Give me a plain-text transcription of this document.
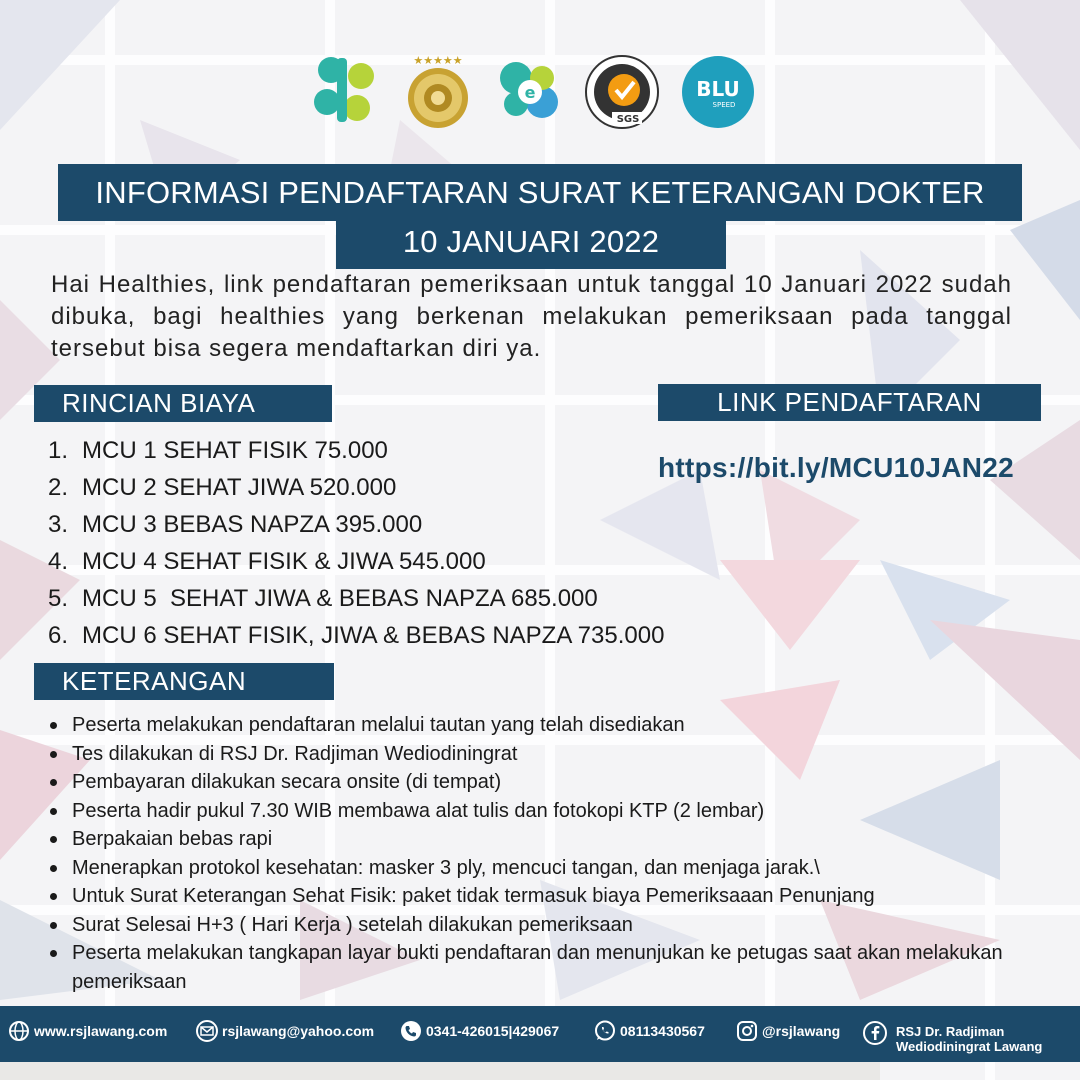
★★★★★
e
SGS
BLU
SPEED
INFORMASI PENDAFTARAN SURAT KETERANGAN DOKTER
10 JANUARI 2022
Hai Healthies, link pendaftaran pemeriksaan untuk tanggal 10 Januari 2022 sudah dibuka, bagi healthies yang berkenan melakukan pemeriksaan pada tanggal tersebut bisa segera mendaftarkan diri ya.
RINCIAN BIAYA
1. MCU 1 SEHAT FISIK 75.000
2. MCU 2 SEHAT JIWA 520.000
3. MCU 3 BEBAS NAPZA 395.000
4. MCU 4 SEHAT FISIK & JIWA 545.000
5. MCU 5  SEHAT JIWA & BEBAS NAPZA 685.000
6. MCU 6 SEHAT FISIK, JIWA & BEBAS NAPZA 735.000
LINK PENDAFTARAN
https://bit.ly/MCU10JAN22
KETERANGAN
Peserta melakukan pendaftaran melalui tautan yang telah disediakan
Tes dilakukan di RSJ Dr. Radjiman Wediodiningrat
Pembayaran dilakukan secara onsite (di tempat)
Peserta hadir pukul 7.30 WIB membawa alat tulis dan fotokopi KTP (2 lembar)
Berpakaian bebas rapi
Menerapkan protokol kesehatan: masker 3 ply, mencuci tangan, dan menjaga jarak.\
Untuk Surat Keterangan Sehat Fisik: paket tidak termasuk biaya Pemeriksaaan Penunjang
Surat Selesai H+3 ( Hari Kerja ) setelah dilakukan pemeriksaan
Peserta melakukan tangkapan layar bukti pendaftaran dan menunjukan ke petugas saat akan melakukan pemeriksaan
www.rsjlawang.com	rsjlawang@yahoo.com	0341-426015|429067	08113430567	@rsjlawang	RSJ Dr. Radjiman
Wediodiningrat Lawang
